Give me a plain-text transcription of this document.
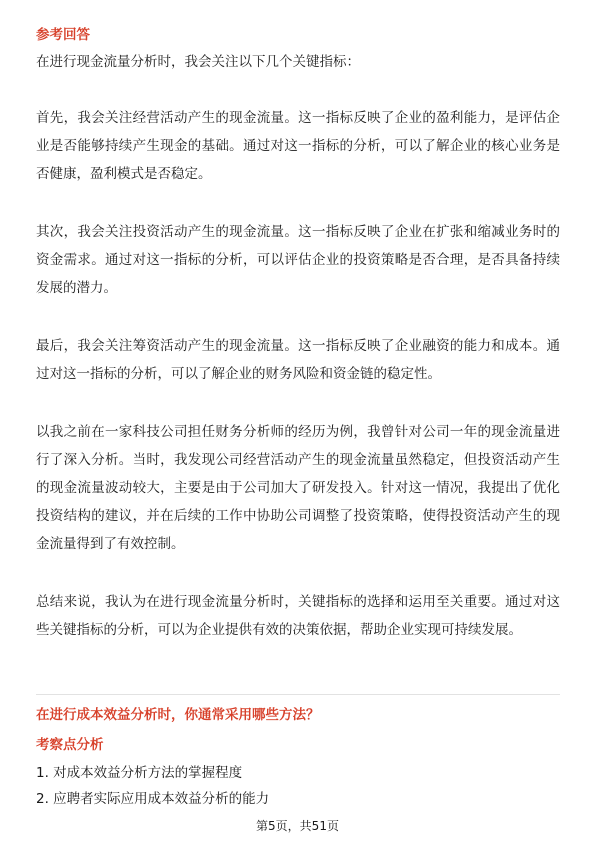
参考回答

在进行现金流量分析时，我会关注以下几个关键指标：

首先，我会关注经营活动产生的现金流量。这一指标反映了企业的盈利能力，是评估企业是否能够持续产生现金的基础。通过对这一指标的分析，可以了解企业的核心业务是否健康，盈利模式是否稳定。

其次，我会关注投资活动产生的现金流量。这一指标反映了企业在扩张和缩减业务时的资金需求。通过对这一指标的分析，可以评估企业的投资策略是否合理，是否具备持续发展的潜力。

最后，我会关注筹资活动产生的现金流量。这一指标反映了企业融资的能力和成本。通过对这一指标的分析，可以了解企业的财务风险和资金链的稳定性。

以我之前在一家科技公司担任财务分析师的经历为例，我曾针对公司一年的现金流量进行了深入分析。当时，我发现公司经营活动产生的现金流量虽然稳定，但投资活动产生的现金流量波动较大，主要是由于公司加大了研发投入。针对这一情况，我提出了优化投资结构的建议，并在后续的工作中协助公司调整了投资策略，使得投资活动产生的现金流量得到了有效控制。

总结来说，我认为在进行现金流量分析时，关键指标的选择和运用至关重要。通过对这些关键指标的分析，可以为企业提供有效的决策依据，帮助企业实现可持续发展。

在进行成本效益分析时，你通常采用哪些方法？
考察点分析

1. 对成本效益分析方法的掌握程度

2. 应聘者实际应用成本效益分析的能力

第5页，共51页
